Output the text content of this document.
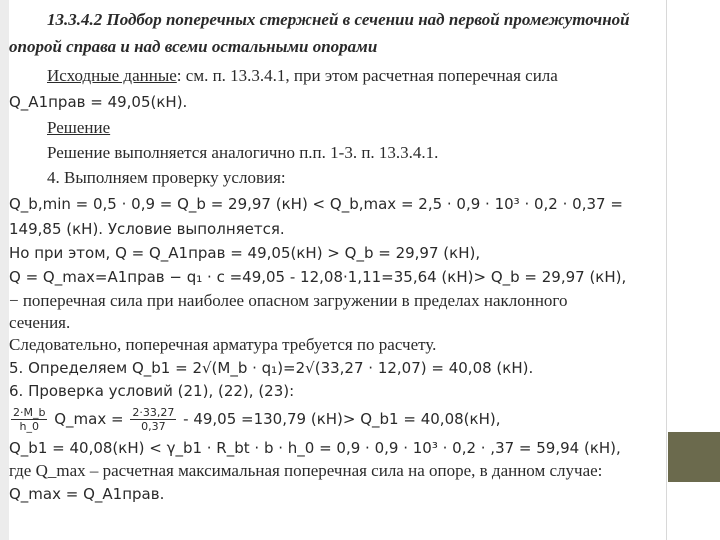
13.3.4.2 Подбор поперечных стержней в сечении над первой промежуточной
опорой справа и над всеми остальными опорами
Исходные данные: см. п. 13.3.4.1, при этом расчетная поперечная сила
Q_A1прав = 49,05(кН).
Решение
Решение выполняется аналогично п.п. 1-3. п. 13.3.4.1.
4. Выполняем проверку условия:
Q_b,min = 0,5 · 0,9 = Q_b = 29,97 (кН) < Q_b,max = 2,5 · 0,9 · 10³ · 0,2 · 0,37 =
149,85 (кН). Условие выполняется.
Но при этом, Q = Q_A1прав = 49,05(кН) > Q_b = 29,97 (кН),
Q = Q_max=A1прав − q₁ · c =49,05 - 12,08·1,11=35,64 (кН)> Q_b = 29,97 (кН),
− поперечная сила при наиболее опасном загружении в пределах наклонного
сечения.
Следовательно, поперечная арматура требуется по расчету.
5. Определяем Q_b1 = 2√(M_b · q₁)=2√(33,27 · 12,07) = 40,08 (кН).
6. Проверка условий (21), (22), (23):
$\frac{2\cdot M\_b}{h\_0}$ Q_max = $\frac{2\cdot 33,27}{0,37} - 49,05 =130,79$ (кН)> Q_b1 = 40,08(кН),
Q_b1 = 40,08(кН) < γ_b1 · R_bt · b · h_0 = 0,9 · 0,9 · 10³ · 0,2 · ,37 = 59,94 (кН),
где Q_max – расчетная максимальная поперечная сила на опоре, в данном случае:
Q_max = Q_A1прав.
